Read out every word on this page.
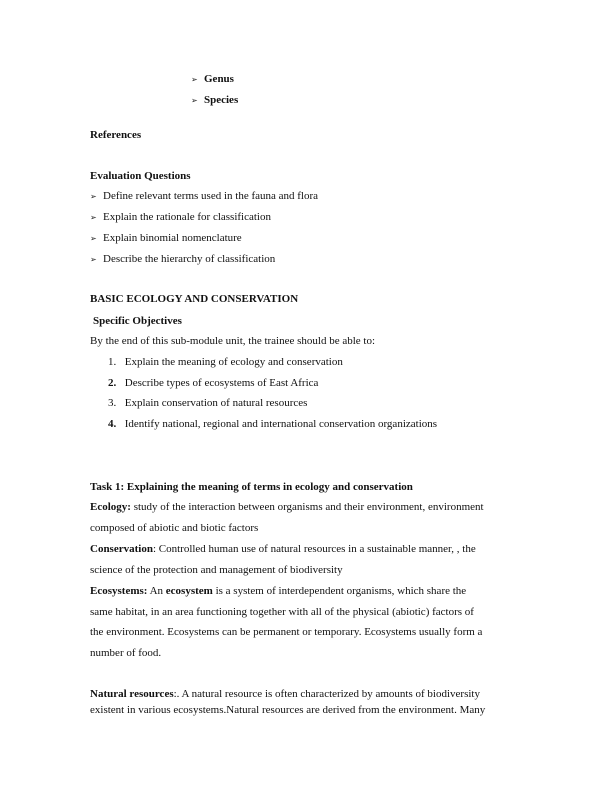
➢ Genus
➢ Species
References
Evaluation Questions
➢ Define relevant terms used in the fauna and flora
➢ Explain the rationale for classification
➢ Explain binomial nomenclature
➢ Describe the hierarchy of classification
BASIC ECOLOGY AND CONSERVATION
Specific Objectives
By the end of this sub-module unit, the trainee should be able to:
1. Explain the meaning of ecology and conservation
2. Describe types of ecosystems of East Africa
3. Explain conservation of natural resources
4. Identify national, regional and international conservation organizations
Task 1: Explaining the meaning of terms in ecology and conservation
Ecology: study of the interaction between organisms and their environment, environment
composed of abiotic and biotic factors
Conservation: Controlled human use of natural resources in a sustainable manner, , the
science of the protection and management of biodiversity
Ecosystems: An ecosystem is a system of interdependent organisms, which share the
same habitat, in an area functioning together with all of the physical (abiotic) factors of
the environment. Ecosystems can be permanent or temporary. Ecosystems usually form a
number of food.
Natural resources:. A natural resource is often characterized by amounts of biodiversity
existent in various ecosystems.Natural resources are derived from the environment. Many
